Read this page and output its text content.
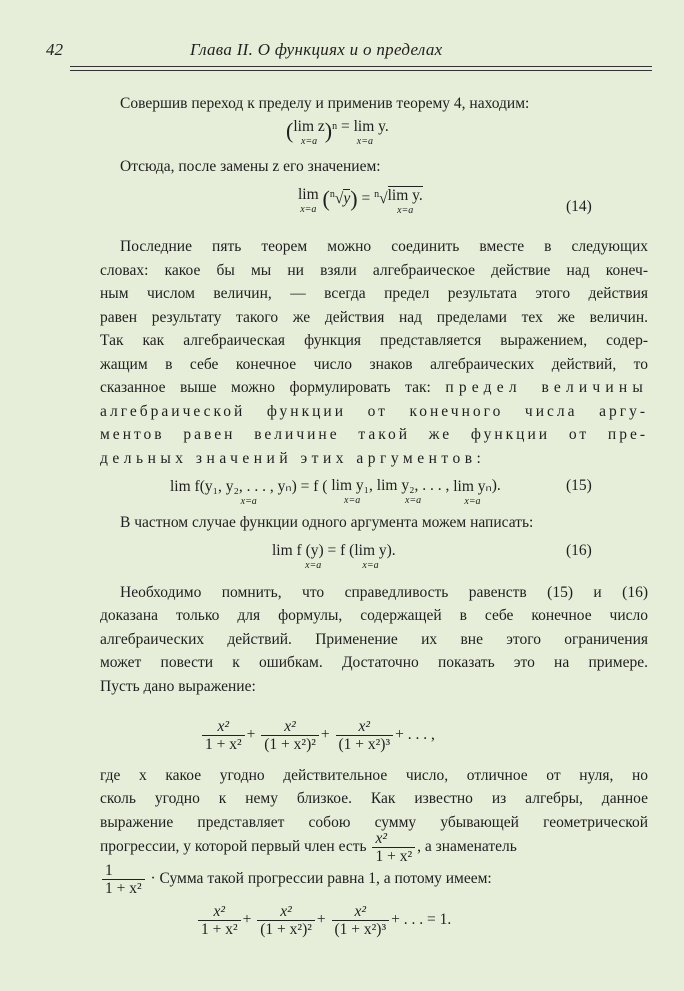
42	Глава II. О функциях и о пределах
Совершив переход к пределу и применив теорему 4, находим:
( lim z
x=a )$^n$ = lim y.
x=a
Отсюда, после замены z его значением:
lim
x=a ($^n$√y) = $^n$√ lim y.
x=a	(14)
Последние пять теорем можно соединить вместе в следующих
словах: какое бы мы ни взяли алгебраическое действие над конеч-
ным числом величин, — всегда предел результата этого действия
равен результату такого же действия над пределами тех же величин.
Так как алгебраическая функция представляется выражением, содер-
жащим в себе конечное число знаков алгебраических действий, то
сказанное выше можно формулировать так: предел величины
алгебраической функции от конечного числа аргу-
ментов равен величине такой же функции от пре-
дельных значений этих аргументов:
lim f(y₁, y₂, . . . , yₙ) = f (
x=a

lim y₁,
x=a

lim y₂, . . . ,
x=a

lim yₙ
x=a
).	(15)
В частном случае функции одного аргумента можем написать:
lim f (y) = f (
x=a
lim y
x=a
).	(16)
Необходимо помнить, что справедливость равенств (15) и (16)
доказана только для формулы, содержащей в себе конечное число
алгебраических действий. Применение их вне этого ограничения
может повести к ошибкам. Достаточно показать это на примере.
Пусть дано выражение:
$\frac{\text{x²}}{\text{1 + x²}} + \frac{\text{x²}}{\text{(1 + x²)²}} + \frac{\text{x²}}{\text{(1 + x²)³}}$ + . . . ,
где x какое угодно действительное число, отличное от нуля, но
сколь угодно к нему близкое. Как известно из алгебры, данное
выражение представляет собою сумму убывающей геометрической
прогрессии, у которой первый член есть $\frac{\text{x²}}{\text{1 + x²}}$ , а знаменатель
$\frac{1}{\text{1 + x²}}$ · Сумма такой прогрессии равна 1, а потому имеем:
$\frac{\text{x²}}{\text{1 + x²}} + \frac{\text{x²}}{\text{(1 + x²)²}} + \frac{\text{x²}}{\text{(1 + x²)³}}$ + . . . = 1.
